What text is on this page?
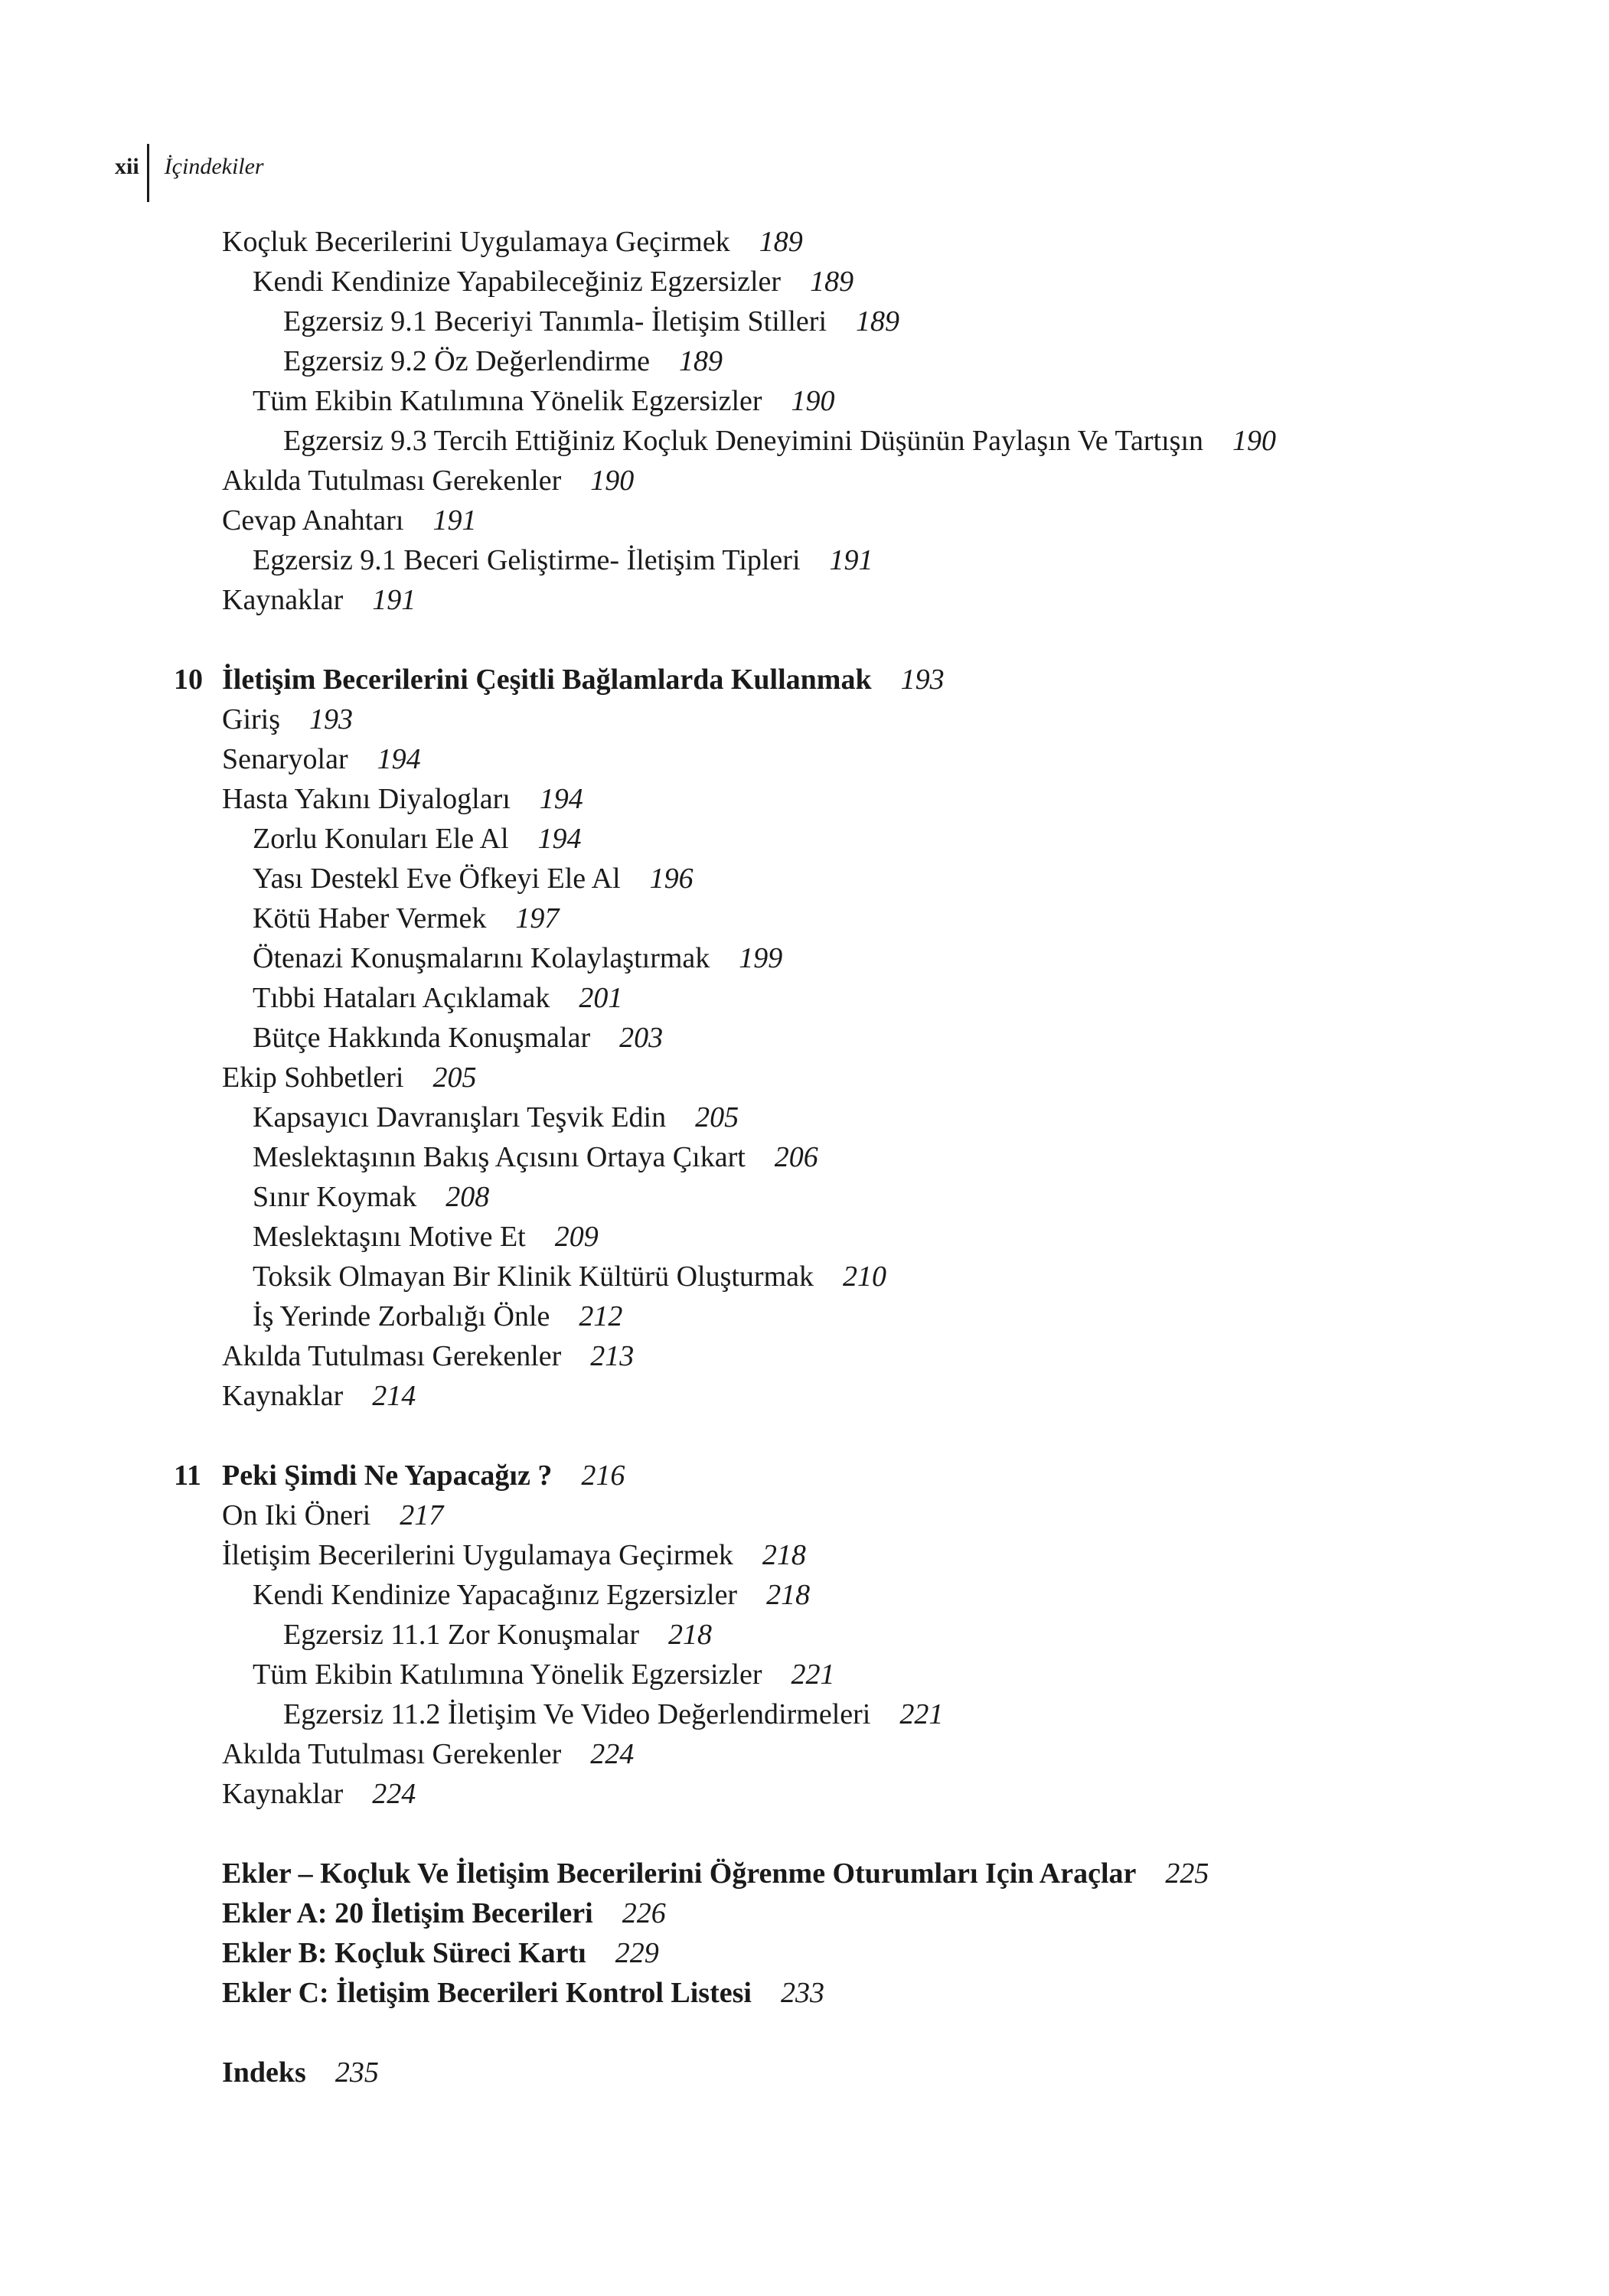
xii İçindekiler
Koçluk Becerilerini Uygulamaya Geçirmek 189
Kendi Kendinize Yapabileceğiniz Egzersizler 189
Egzersiz 9.1 Beceriyi Tanımla- İletişim Stilleri 189
Egzersiz 9.2 Öz Değerlendirme 189
Tüm Ekibin Katılımına Yönelik Egzersizler 190
Egzersiz 9.3 Tercih Ettiğiniz Koçluk Deneyimini Düşünün Paylaşın Ve Tartışın 190
Akılda Tutulması Gerekenler 190
Cevap Anahtarı 191
Egzersiz 9.1 Beceri Geliştirme- İletişim Tipleri 191
Kaynaklar 191
10 İletişim Becerilerini Çeşitli Bağlamlarda Kullanmak 193
Giriş 193
Senaryolar 194
Hasta Yakını Diyalogları 194
Zorlu Konuları Ele Al 194
Yası Destekl Eve Öfkeyi Ele Al 196
Kötü Haber Vermek 197
Ötenazi Konuşmalarını Kolaylaştırmak 199
Tıbbi Hataları Açıklamak 201
Bütçe Hakkında Konuşmalar 203
Ekip Sohbetleri 205
Kapsayıcı Davranışları Teşvik Edin 205
Meslektaşının Bakış Açısını Ortaya Çıkart 206
Sınır Koymak 208
Meslektaşını Motive Et 209
Toksik Olmayan Bir Klinik Kültürü Oluşturmak 210
İş Yerinde Zorbalığı Önle 212
Akılda Tutulması Gerekenler 213
Kaynaklar 214
11 Peki Şimdi Ne Yapacağız ? 216
On Iki Öneri 217
İletişim Becerilerini Uygulamaya Geçirmek 218
Kendi Kendinize Yapacağınız Egzersizler 218
Egzersiz 11.1 Zor Konuşmalar 218
Tüm Ekibin Katılımına Yönelik Egzersizler 221
Egzersiz 11.2 İletişim Ve Video Değerlendirmeleri 221
Akılda Tutulması Gerekenler 224
Kaynaklar 224
Ekler – Koçluk Ve İletişim Becerilerini Öğrenme Oturumları Için Araçlar 225
Ekler A: 20 İletişim Becerileri 226
Ekler B: Koçluk Süreci Kartı 229
Ekler C: İletişim Becerileri Kontrol Listesi 233
Indeks 235
